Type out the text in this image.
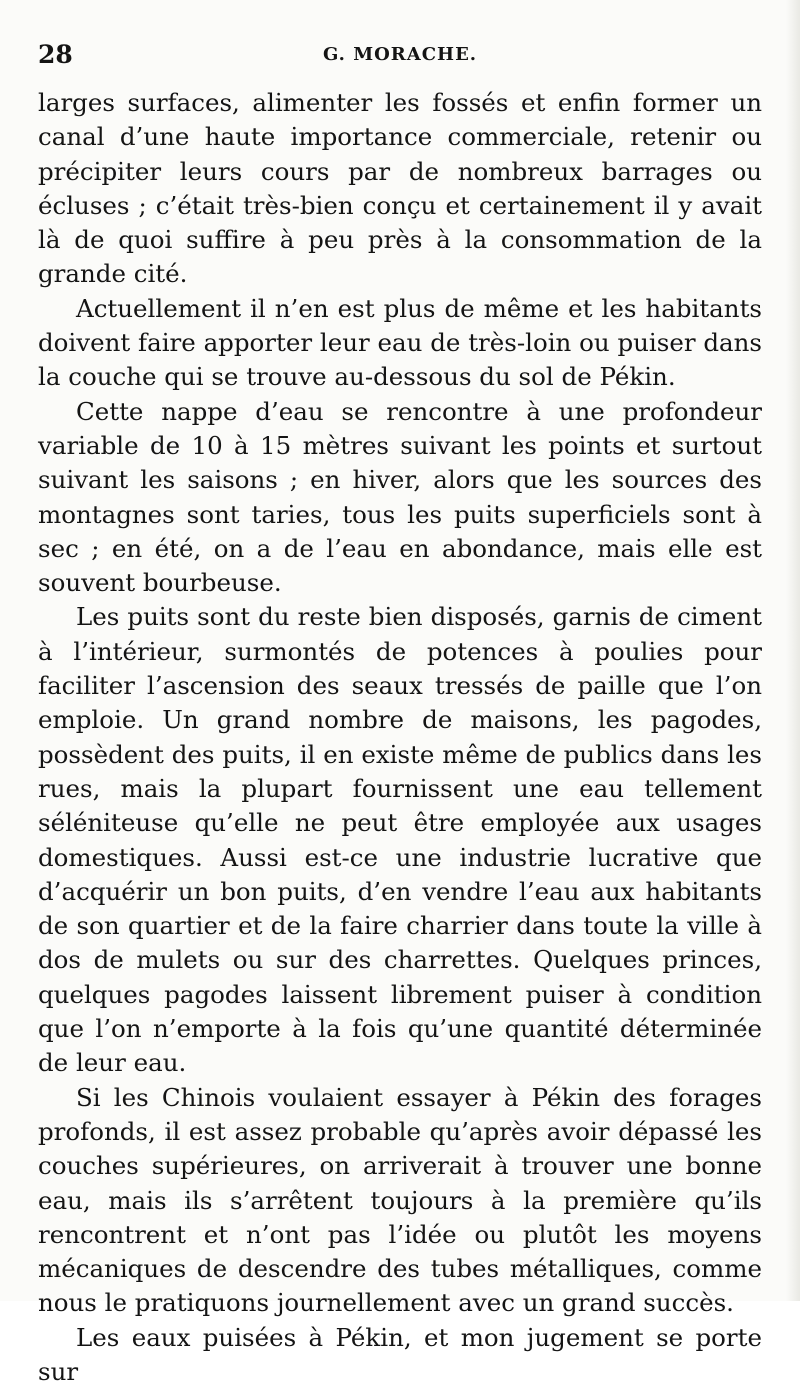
28	G. MORACHE.

larges surfaces, alimenter les fossés et enfin former un canal d’une haute importance commerciale, retenir ou précipiter leurs cours par de nombreux barrages ou écluses ; c’était très-bien conçu et certainement il y avait là de quoi suffire à peu près à la consommation de la grande cité.

Actuellement il n’en est plus de même et les habitants doivent faire apporter leur eau de très-loin ou puiser dans la couche qui se trouve au-dessous du sol de Pékin.

Cette nappe d’eau se rencontre à une profondeur variable de 10 à 15 mètres suivant les points et surtout suivant les saisons ; en hiver, alors que les sources des montagnes sont taries, tous les puits superficiels sont à sec ; en été, on a de l’eau en abondance, mais elle est souvent bourbeuse.

Les puits sont du reste bien disposés, garnis de ciment à l’intérieur, surmontés de potences à poulies pour faciliter l’ascension des seaux tressés de paille que l’on emploie. Un grand nombre de maisons, les pagodes, possèdent des puits, il en existe même de publics dans les rues, mais la plupart fournissent une eau tellement séléniteuse qu’elle ne peut être employée aux usages domestiques. Aussi est-ce une industrie lucrative que d’acquérir un bon puits, d’en vendre l’eau aux habitants de son quartier et de la faire charrier dans toute la ville à dos de mulets ou sur des charrettes. Quelques princes, quelques pagodes laissent librement puiser à condition que l’on n’emporte à la fois qu’une quantité déterminée de leur eau.

Si les Chinois voulaient essayer à Pékin des forages profonds, il est assez probable qu’après avoir dépassé les couches supérieures, on arriverait à trouver une bonne eau, mais ils s’arrêtent toujours à la première qu’ils rencontrent et n’ont pas l’idée ou plutôt les moyens mécaniques de descendre des tubes métalliques, comme nous le pratiquons journellement avec un grand succès.

Les eaux puisées à Pékin, et mon jugement se porte sur
